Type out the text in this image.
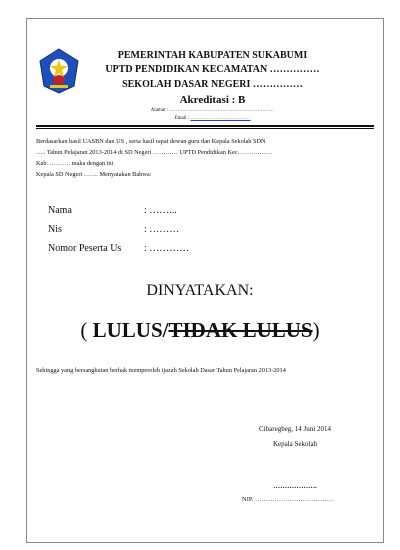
PEMERINTAH KABUPATEN SUKABUMI
UPTD PENDIDIKAN KECAMATAN ……………
SEKOLAH DASAR NEGERI ……………
Akreditasi : B
Alamat : ………………………………………………………
Email : ………………………………
Berdasarkan hasil UASBN dan US , serta hasil rapat dewan guru dan Kepala Sekolah SDN
….. Tahun Pelajaran 2013-2014 di SD Negeri ………… UPTD Pendidikan Kec. ……………
Kab. ………. maka dengan ini
Kepala SD Negeri ……. Menyatakan Bahwa:
Nama	: ……...
Nis	: ………
Nomor Peserta Us : …………
DINYATAKAN:
( LULUS/TIDAK LULUS)
Sehingga yang bersangkutan berhak memperoleh ijazah Sekolah Dasar Tahun Pelajaran 2013-2014
Cibaregbeg, 14 Juni 2014
Kepala Sekolah
……………….
NIP. ………………………………
